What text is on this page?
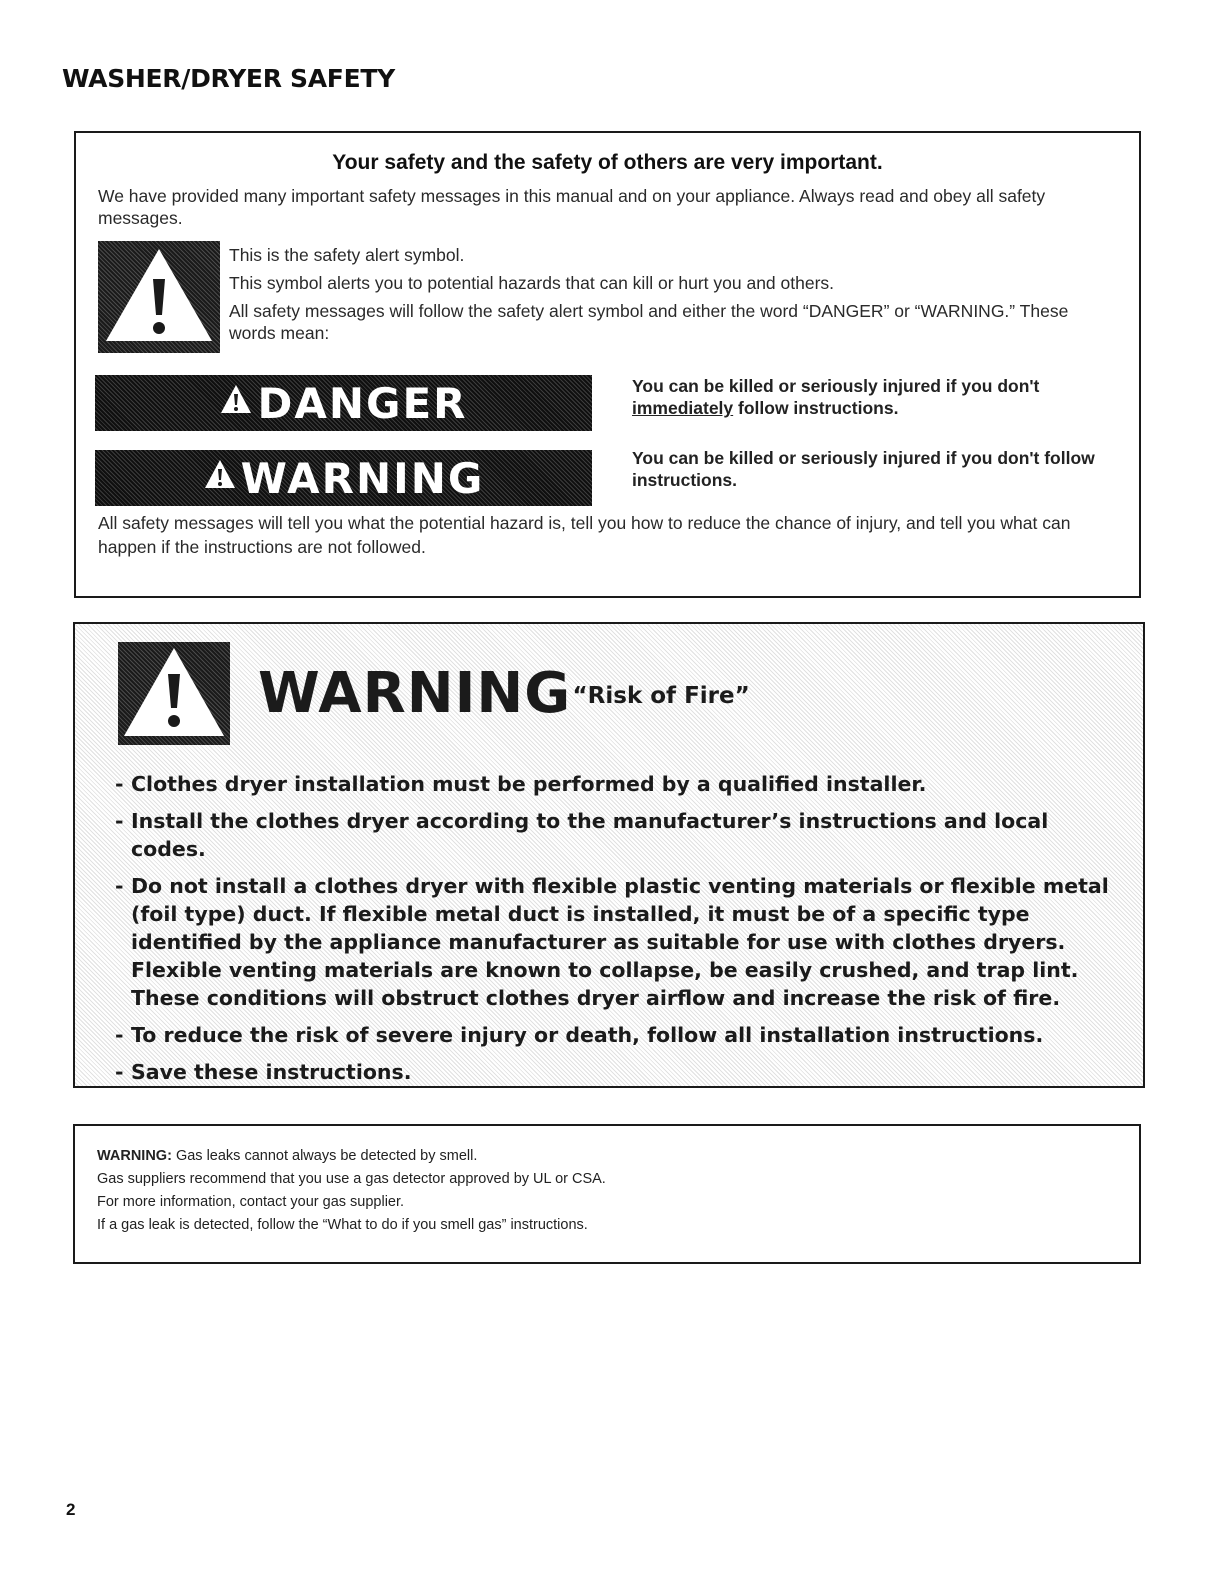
WASHER/DRYER SAFETY
Your safety and the safety of others are very important.
We have provided many important safety messages in this manual and on your appliance. Always read and obey all safety messages.
This is the safety alert symbol.
This symbol alerts you to potential hazards that can kill or hurt you and others.
All safety messages will follow the safety alert symbol and either the word “DANGER” or “WARNING.” These words mean:
DANGER	You can be killed or seriously injured if you don't immediately follow instructions.
WARNING	You can be killed or seriously injured if you don't follow instructions.
All safety messages will tell you what the potential hazard is, tell you how to reduce the chance of injury, and tell you what can happen if the instructions are not followed.
WARNING
- “Risk of Fire”
- Clothes dryer installation must be performed by a qualified installer.
- Install the clothes dryer according to the manufacturer’s instructions and local codes.
- Do not install a clothes dryer with flexible plastic venting materials or flexible metal (foil type) duct. If flexible metal duct is installed, it must be of a specific type identified by the appliance manufacturer as suitable for use with clothes dryers. Flexible venting materials are known to collapse, be easily crushed, and trap lint. These conditions will obstruct clothes dryer airflow and increase the risk of fire.
- To reduce the risk of severe injury or death, follow all installation instructions.
- Save these instructions.
WARNING: Gas leaks cannot always be detected by smell.
Gas suppliers recommend that you use a gas detector approved by UL or CSA.
For more information, contact your gas supplier.
If a gas leak is detected, follow the “What to do if you smell gas” instructions.
2
